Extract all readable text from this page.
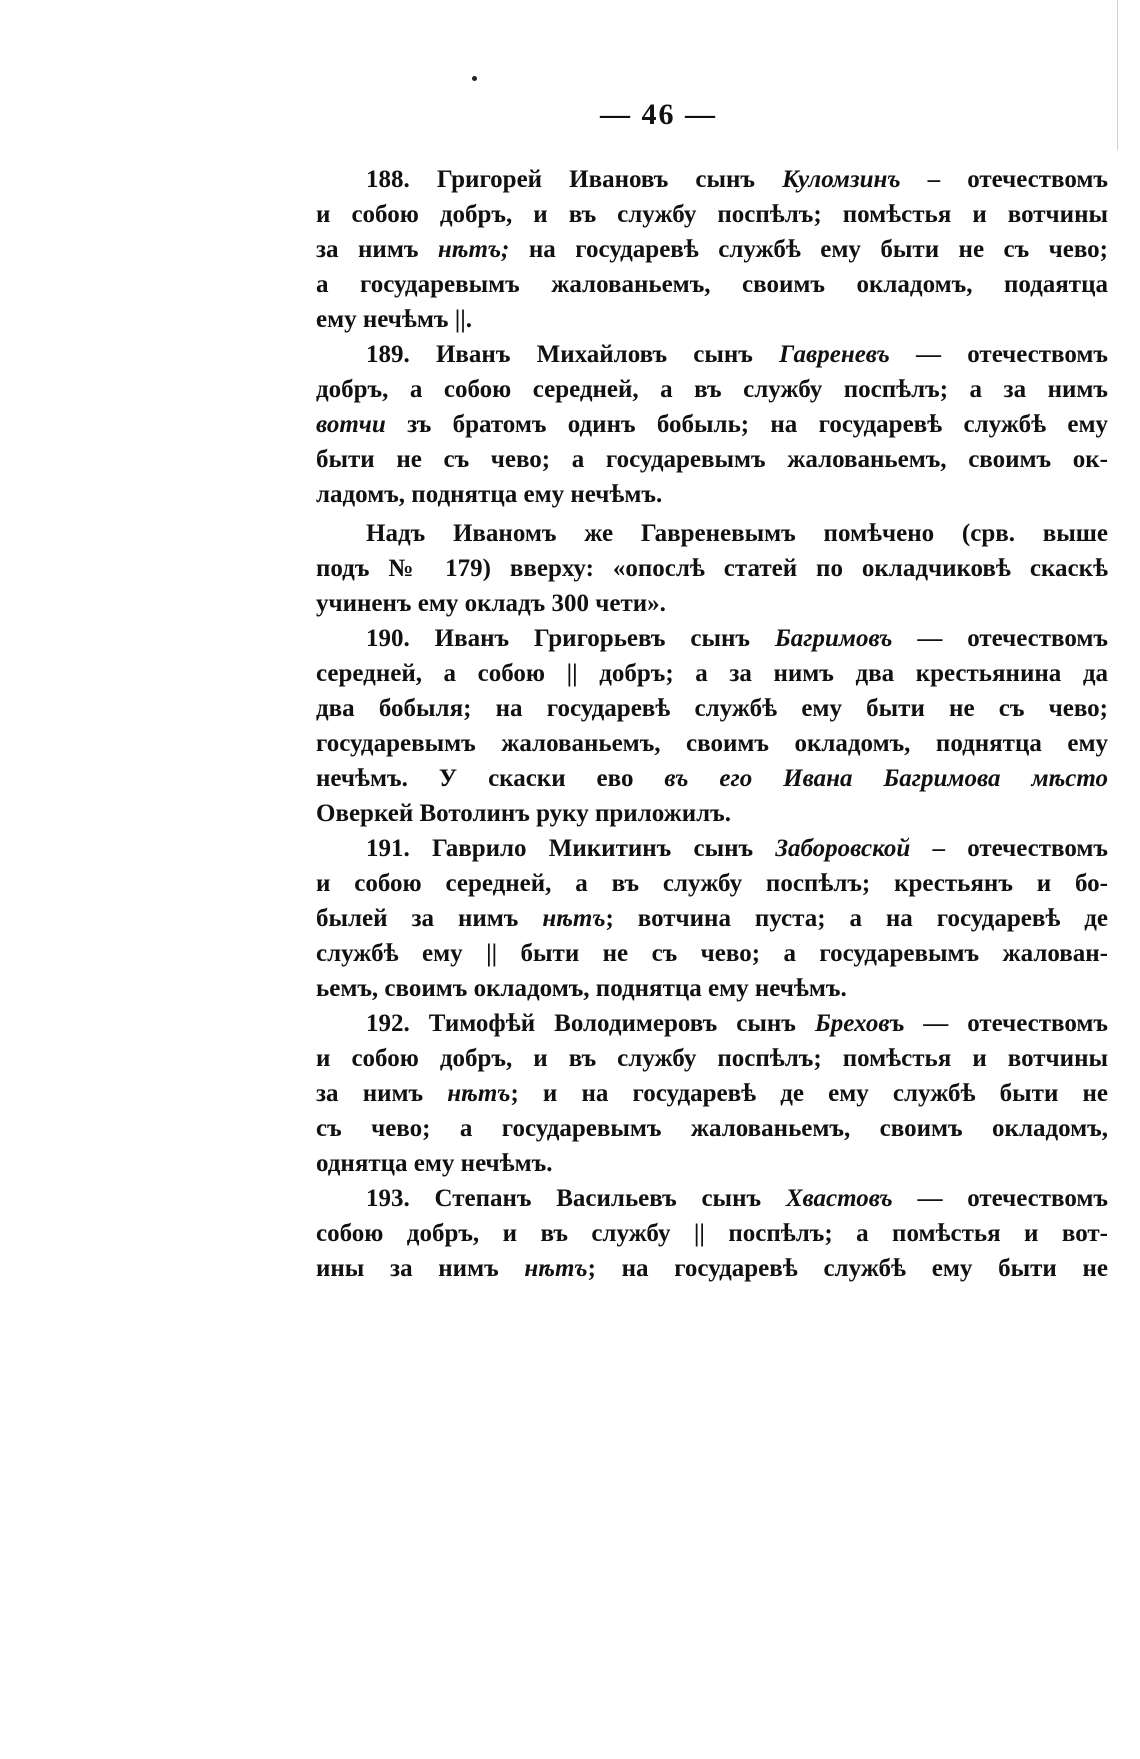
— 46 —
188. Григорей Ивановъ сынъ Куломзинъ – отечествомъ
и собою добръ, и въ службу поспѣлъ; помѣстья и вотчины
за нимъ нѣтъ; на государевѣ службѣ ему быти не съ чево;
а государевымъ жалованьемъ, своимъ окладомъ, подаятца
ему нечѣмъ ||.
189. Иванъ Михайловъ сынъ Гавреневъ — отечествомъ
добръ, а собою середней, а въ службу поспѣлъ; а за нимъ
вотчи зъ братомъ одинъ бобыль; на государевѣ службѣ ему
быти не съ чево; а государевымъ жалованьемъ, своимъ ок-
ладомъ, поднятца ему нечѣмъ.
Надъ Иваномъ же Гавреневымъ помѣчено (срв. выше
подъ № 179) вверху: «опослѣ статей по окладчиковѣ скаскѣ
учиненъ ему окладъ 300 чети».
190. Иванъ Григорьевъ сынъ Багримовъ — отечествомъ
середней, а собою || добръ; а за нимъ два крестьянина да
два бобыля; на государевѣ службѣ ему быти не съ чево;
государевымъ жалованьемъ, своимъ окладомъ, поднятца ему
нечѣмъ. У скаски ево въ его Ивана Багримова мѣсто
Оверкей Вотолинъ руку приложилъ.
191. Гаврило Микитинъ сынъ Заборовской – отечествомъ
и собою середней, а въ службу поспѣлъ; крестьянъ и бо-
былей за нимъ нѣтъ; вотчина пуста; а на государевѣ де
службѣ ему || быти не съ чево; а государевымъ жалован-
ьемъ, своимъ окладомъ, поднятца ему нечѣмъ.
192. Тимофѣй Володимеровъ сынъ Бреховъ — отечествомъ
и собою добръ, и въ службу поспѣлъ; помѣстья и вотчины
за нимъ нѣтъ; и на государевѣ де ему службѣ быти не
съ чево; а государевымъ жалованьемъ, своимъ окладомъ,
однятца ему нечѣмъ.
193. Степанъ Васильевъ сынъ Хвастовъ — отечествомъ
собою добръ, и въ службу || поспѣлъ; а помѣстья и вот-
ины за нимъ нѣтъ; на государевѣ службѣ ему быти не
